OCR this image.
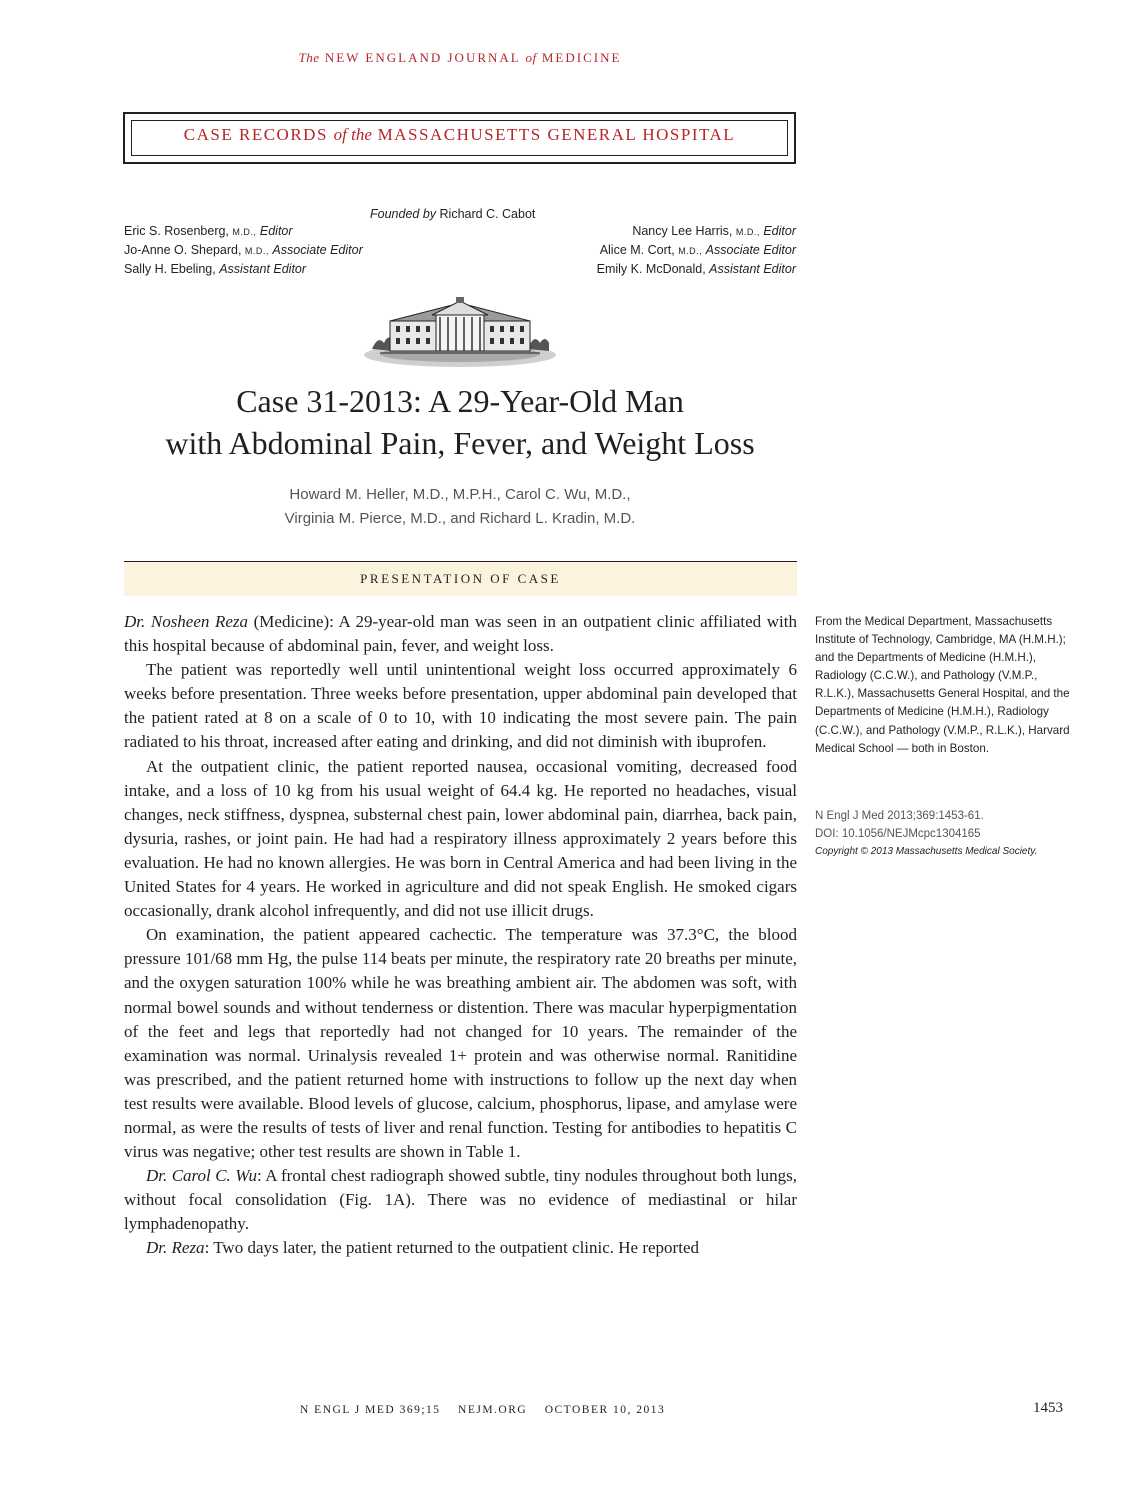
The NEW ENGLAND JOURNAL of MEDICINE
CASE RECORDS of the MASSACHUSETTS GENERAL HOSPITAL
Founded by Richard C. Cabot
Eric S. Rosenberg, M.D., Editor
Jo-Anne O. Shepard, M.D., Associate Editor
Sally H. Ebeling, Assistant Editor
Nancy Lee Harris, M.D., Editor
Alice M. Cort, M.D., Associate Editor
Emily K. McDonald, Assistant Editor
Case 31-2013: A 29-Year-Old Man
with Abdominal Pain, Fever, and Weight Loss
Howard M. Heller, M.D., M.P.H., Carol C. Wu, M.D.,
Virginia M. Pierce, M.D., and Richard L. Kradin, M.D.
PRESENTATION OF CASE

Dr. Nosheen Reza (Medicine): A 29-year-old man was seen in an outpatient clinic affiliated with this hospital because of abdominal pain, fever, and weight loss.

The patient was reportedly well until unintentional weight loss occurred approximately 6 weeks before presentation. Three weeks before presentation, upper abdominal pain developed that the patient rated at 8 on a scale of 0 to 10, with 10 indicating the most severe pain. The pain radiated to his throat, increased after eating and drinking, and did not diminish with ibuprofen.

At the outpatient clinic, the patient reported nausea, occasional vomiting, decreased food intake, and a loss of 10 kg from his usual weight of 64.4 kg. He reported no headaches, visual changes, neck stiffness, dyspnea, substernal chest pain, lower abdominal pain, diarrhea, back pain, dysuria, rashes, or joint pain. He had had a respiratory illness approximately 2 years before this evaluation. He had no known allergies. He was born in Central America and had been living in the United States for 4 years. He worked in agriculture and did not speak English. He smoked cigars occasionally, drank alcohol infrequently, and did not use illicit drugs.

On examination, the patient appeared cachectic. The temperature was 37.3°C, the blood pressure 101/68 mm Hg, the pulse 114 beats per minute, the respiratory rate 20 breaths per minute, and the oxygen saturation 100% while he was breathing ambient air. The abdomen was soft, with normal bowel sounds and without tenderness or distention. There was macular hyperpigmentation of the feet and legs that reportedly had not changed for 10 years. The remainder of the examination was normal. Urinalysis revealed 1+ protein and was otherwise normal. Ranitidine was prescribed, and the patient returned home with instructions to follow up the next day when test results were available. Blood levels of glucose, calcium, phosphorus, lipase, and amylase were normal, as were the results of tests of liver and renal function. Testing for antibodies to hepatitis C virus was negative; other test results are shown in Table 1.

Dr. Carol C. Wu: A frontal chest radiograph showed subtle, tiny nodules throughout both lungs, without focal consolidation (Fig. 1A). There was no evidence of mediastinal or hilar lymphadenopathy.

Dr. Reza: Two days later, the patient returned to the outpatient clinic. He reported

From the Medical Department, Massachusetts Institute of Technology, Cambridge, MA (H.M.H.); and the Departments of Medicine (H.M.H.), Radiology (C.C.W.), and Pathology (V.M.P., R.L.K.), Massachusetts General Hospital, and the Departments of Medicine (H.M.H.), Radiology (C.C.W.), and Pathology (V.M.P., R.L.K.), Harvard Medical School — both in Boston.
N Engl J Med 2013;369:1453-61.
DOI: 10.1056/NEJMcpc1304165
Copyright © 2013 Massachusetts Medical Society.
N ENGL J MED 369;15 NEJM.ORG OCTOBER 10, 2013	1453
